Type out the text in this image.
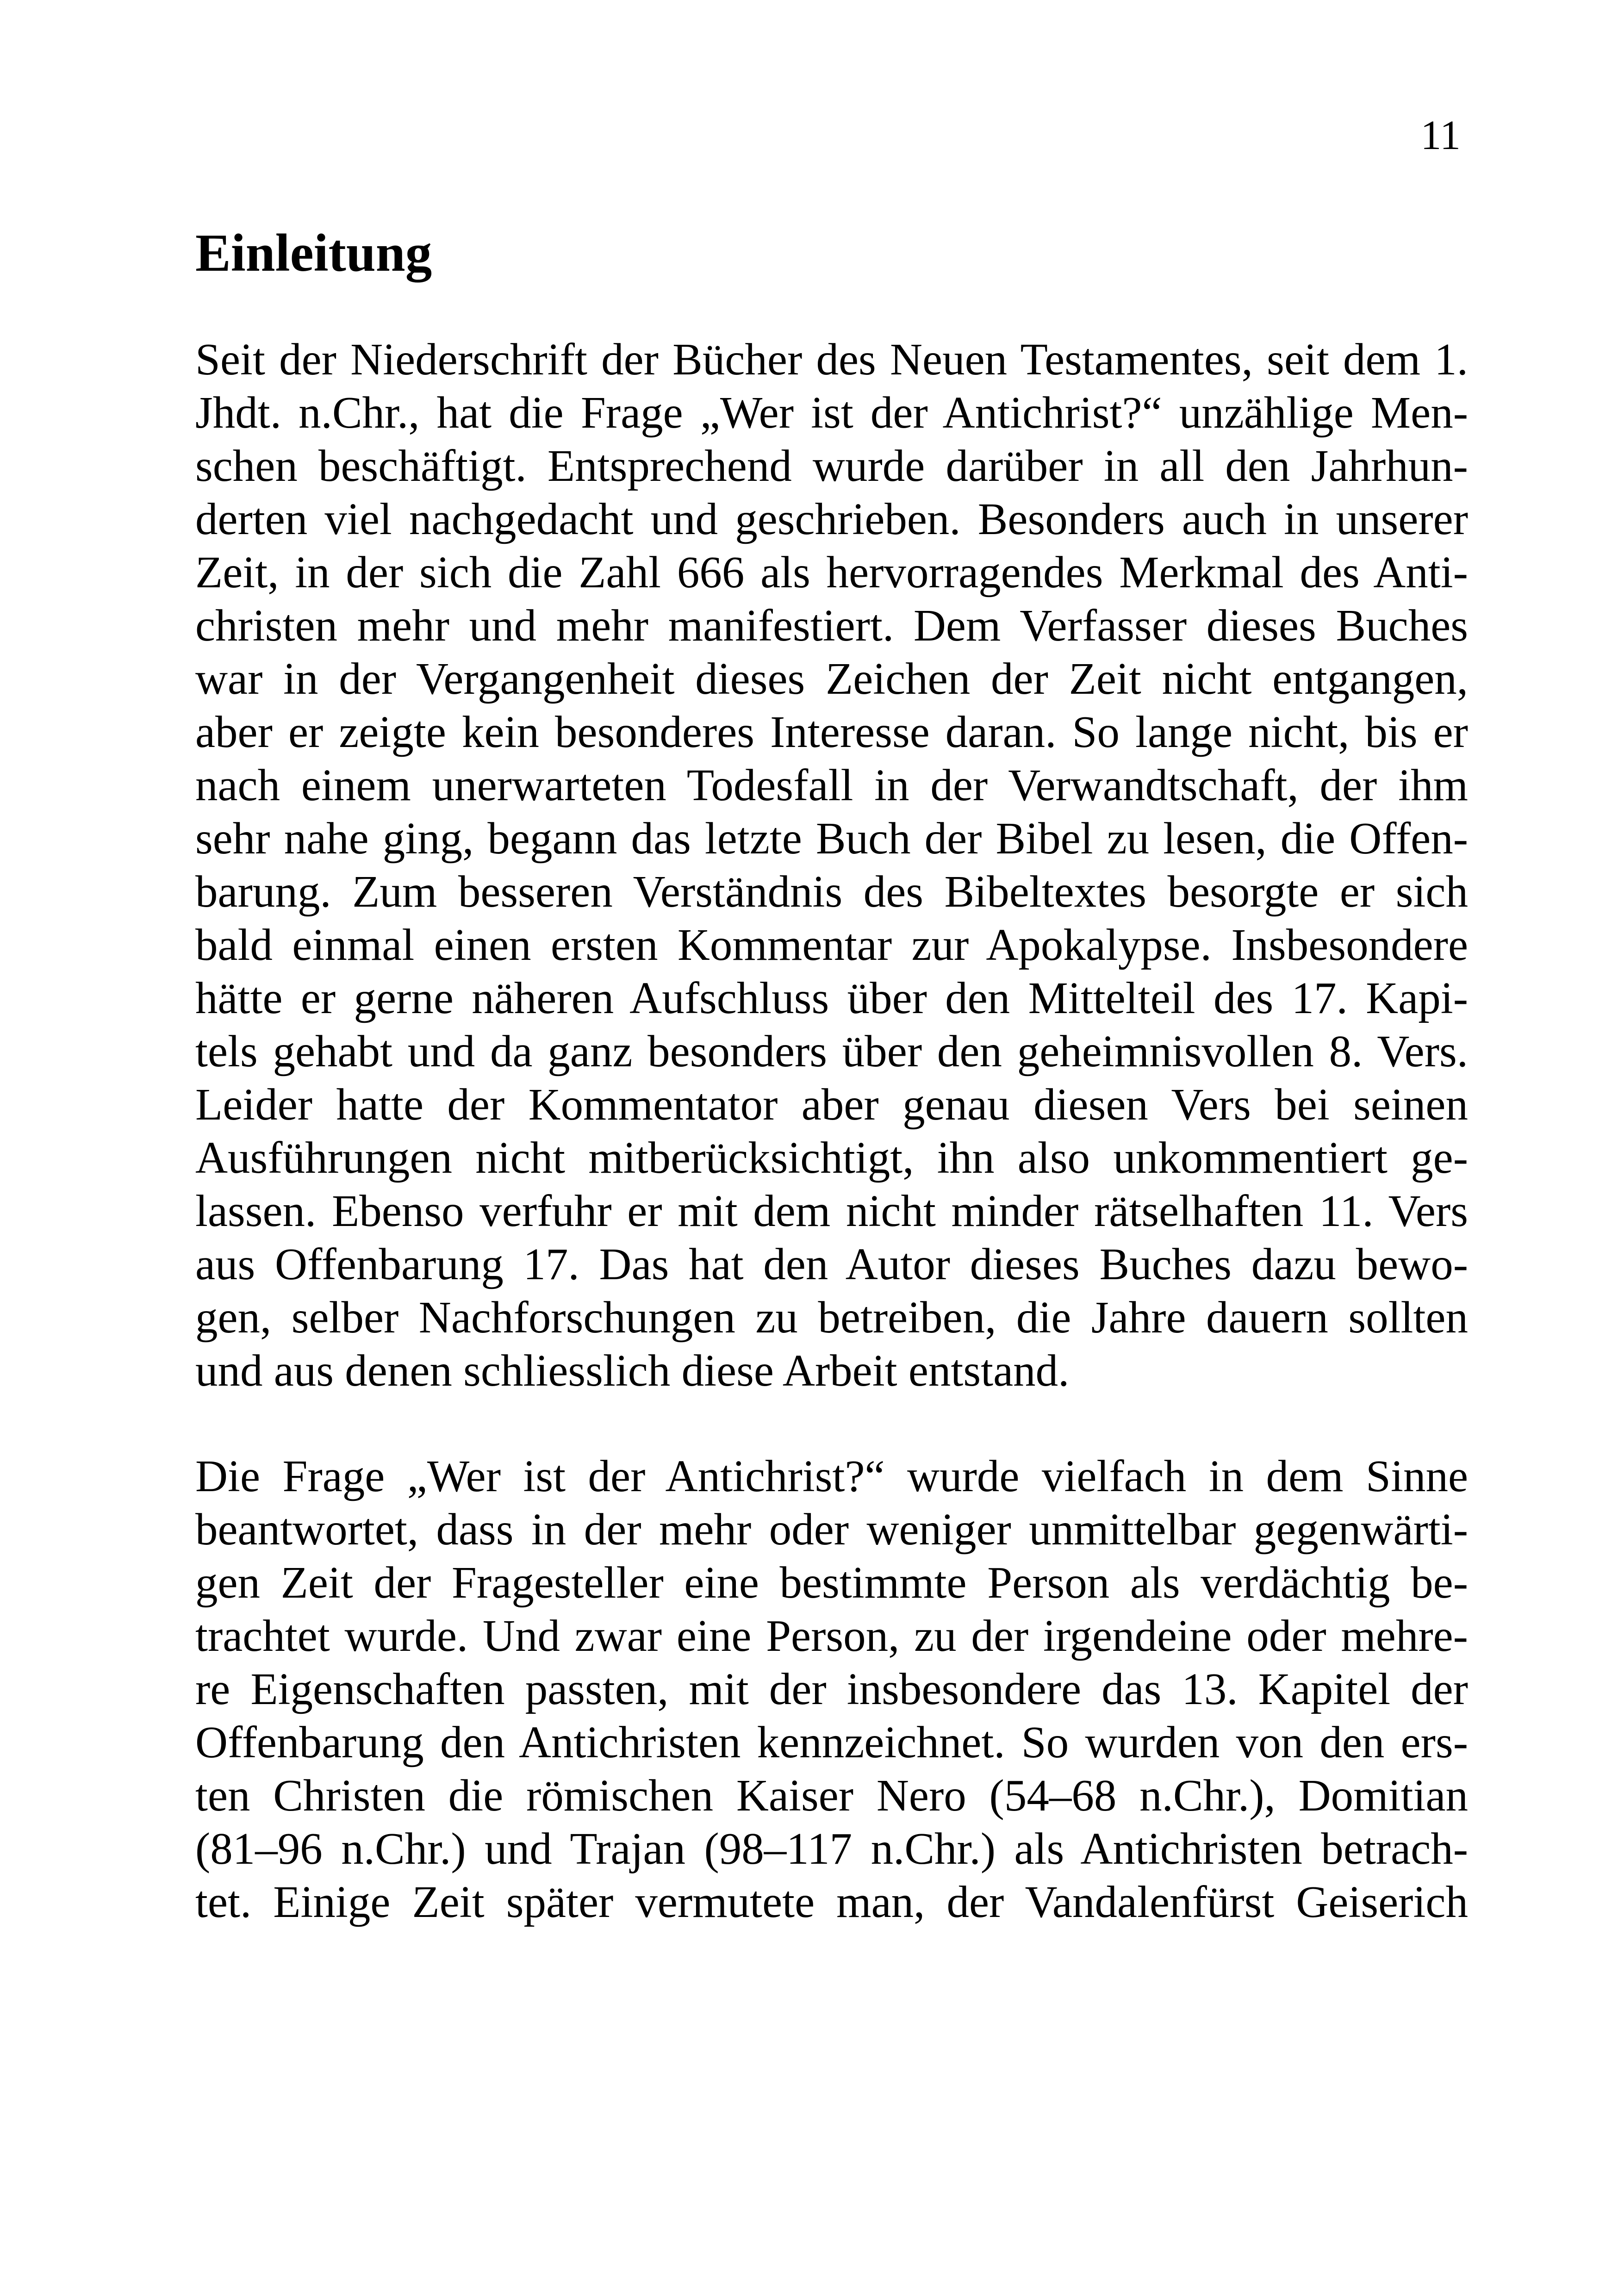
11

Einleitung

Seit der Niederschrift der Bücher des Neuen Testamentes, seit dem 1.

Jhdt. n.Chr., hat die Frage „Wer ist der Antichrist?“ unzählige Men-

schen beschäftigt. Entsprechend wurde darüber in all den Jahrhun-

derten viel nachgedacht und geschrieben. Besonders auch in unserer

Zeit, in der sich die Zahl 666 als hervorragendes Merkmal des Anti-

christen mehr und mehr manifestiert. Dem Verfasser dieses Buches

war in der Vergangenheit dieses Zeichen der Zeit nicht entgangen,

aber er zeigte kein besonderes Interesse daran. So lange nicht, bis er

nach einem unerwarteten Todesfall in der Verwandtschaft, der ihm

sehr nahe ging, begann das letzte Buch der Bibel zu lesen, die Offen-

barung. Zum besseren Verständnis des Bibeltextes besorgte er sich

bald einmal einen ersten Kommentar zur Apokalypse. Insbesondere

hätte er gerne näheren Aufschluss über den Mittelteil des 17. Kapi-

tels gehabt und da ganz besonders über den geheimnisvollen 8. Vers.

Leider hatte der Kommentator aber genau diesen Vers bei seinen

Ausführungen nicht mitberücksichtigt, ihn also unkommentiert ge-

lassen. Ebenso verfuhr er mit dem nicht minder rätselhaften 11. Vers

aus Offenbarung 17. Das hat den Autor dieses Buches dazu bewo-

gen, selber Nachforschungen zu betreiben, die Jahre dauern sollten

und aus denen schliesslich diese Arbeit entstand.

Die Frage „Wer ist der Antichrist?“ wurde vielfach in dem Sinne

beantwortet, dass in der mehr oder weniger unmittelbar gegenwärti-

gen Zeit der Fragesteller eine bestimmte Person als verdächtig be-

trachtet wurde. Und zwar eine Person, zu der irgendeine oder mehre-

re Eigenschaften passten, mit der insbesondere das 13. Kapitel der

Offenbarung den Antichristen kennzeichnet. So wurden von den ers-

ten Christen die römischen Kaiser Nero (54–68 n.Chr.), Domitian

(81–96 n.Chr.) und Trajan (98–117 n.Chr.) als Antichristen betrach-

tet. Einige Zeit später vermutete man, der Vandalenfürst Geiserich
